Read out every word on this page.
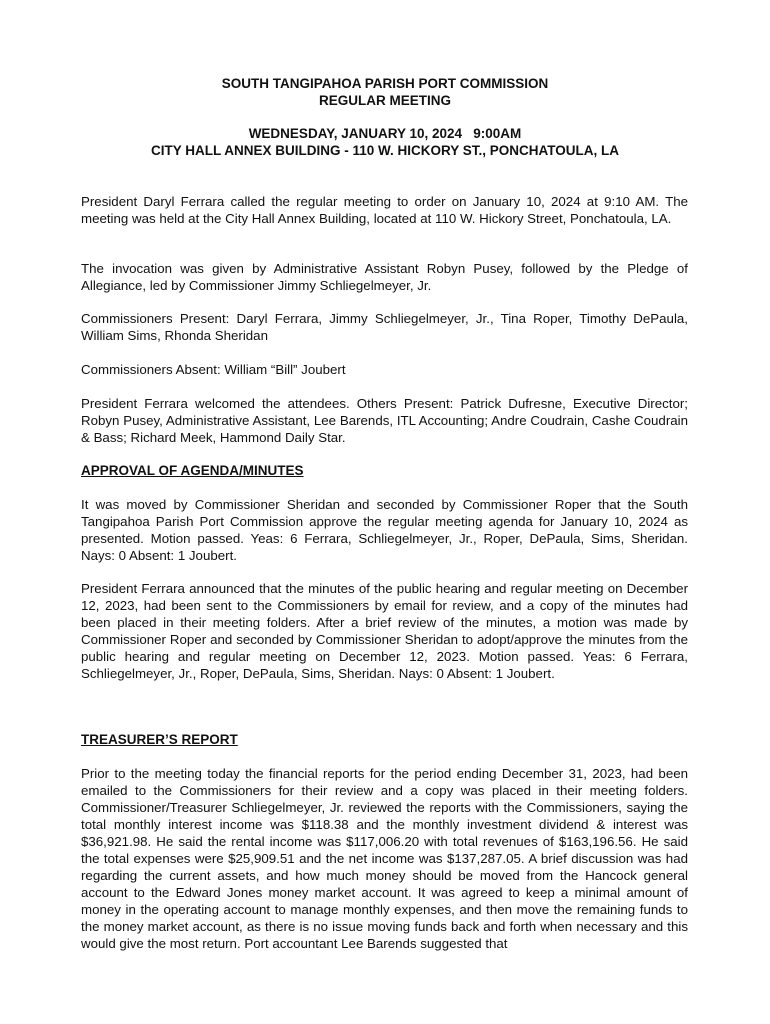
SOUTH TANGIPAHOA PARISH PORT COMMISSION
REGULAR MEETING
WEDNESDAY, JANUARY 10, 2024   9:00AM
CITY HALL ANNEX BUILDING - 110 W. HICKORY ST., PONCHATOULA, LA

President Daryl Ferrara called the regular meeting to order on January 10, 2024 at 9:10 AM. The meeting was held at the City Hall Annex Building, located at 110 W. Hickory Street, Ponchatoula, LA.

The invocation was given by Administrative Assistant Robyn Pusey, followed by the Pledge of Allegiance, led by Commissioner Jimmy Schliegelmeyer, Jr.

Commissioners Present: Daryl Ferrara, Jimmy Schliegelmeyer, Jr., Tina Roper, Timothy DePaula, William Sims, Rhonda Sheridan

Commissioners Absent: William “Bill” Joubert

President Ferrara welcomed the attendees. Others Present: Patrick Dufresne, Executive Director; Robyn Pusey, Administrative Assistant, Lee Barends, ITL Accounting; Andre Coudrain, Cashe Coudrain & Bass; Richard Meek, Hammond Daily Star.

APPROVAL OF AGENDA/MINUTES

It was moved by Commissioner Sheridan and seconded by Commissioner Roper that the South Tangipahoa Parish Port Commission approve the regular meeting agenda for January 10, 2024 as presented. Motion passed. Yeas: 6 Ferrara, Schliegelmeyer, Jr., Roper, DePaula, Sims, Sheridan. Nays: 0 Absent: 1 Joubert.

President Ferrara announced that the minutes of the public hearing and regular meeting on December 12, 2023, had been sent to the Commissioners by email for review, and a copy of the minutes had been placed in their meeting folders. After a brief review of the minutes, a motion was made by Commissioner Roper and seconded by Commissioner Sheridan to adopt/approve the minutes from the public hearing and regular meeting on December 12, 2023. Motion passed. Yeas: 6 Ferrara, Schliegelmeyer, Jr., Roper, DePaula, Sims, Sheridan. Nays: 0 Absent: 1 Joubert.

TREASURER’S REPORT

Prior to the meeting today the financial reports for the period ending December 31, 2023, had been emailed to the Commissioners for their review and a copy was placed in their meeting folders. Commissioner/Treasurer Schliegelmeyer, Jr. reviewed the reports with the Commissioners, saying the total monthly interest income was $118.38 and the monthly investment dividend & interest was $36,921.98. He said the rental income was $117,006.20 with total revenues of $163,196.56. He said the total expenses were $25,909.51 and the net income was $137,287.05. A brief discussion was had regarding the current assets, and how much money should be moved from the Hancock general account to the Edward Jones money market account. It was agreed to keep a minimal amount of money in the operating account to manage monthly expenses, and then move the remaining funds to the money market account, as there is no issue moving funds back and forth when necessary and this would give the most return. Port accountant Lee Barends suggested that
